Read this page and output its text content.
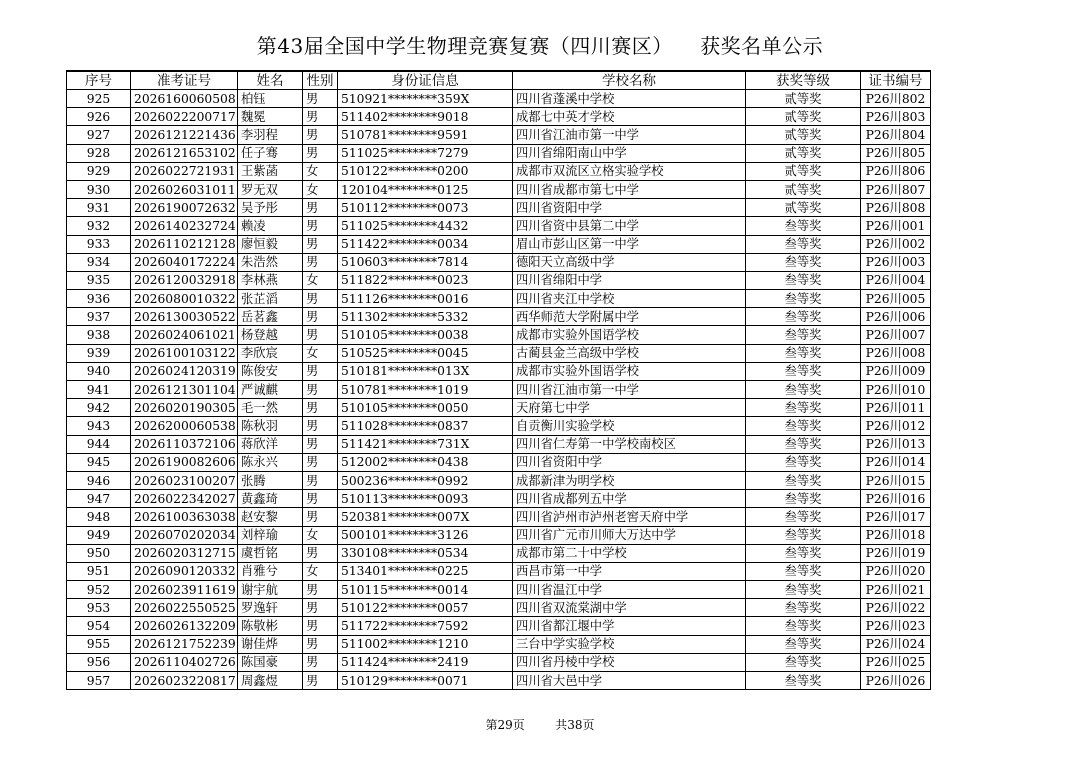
第43届全国中学生物理竞赛复赛（四川赛区）    获奖名单公示
序号	准考证号	姓名	性别	身份证信息	学校名称	获奖等级	证书编号
925	2026160060508	柏钰	男	510921********359X	四川省蓬溪中学校	贰等奖	P26川802
926	2026022200717	魏冕	男	511402********9018	成都七中英才学校	贰等奖	P26川803
927	2026121221436	李羽程	男	510781********9591	四川省江油市第一中学	贰等奖	P26川804
928	2026121653102	任子骞	男	511025********7279	四川省绵阳南山中学	贰等奖	P26川805
929	2026022721931	王紫菡	女	510122********0200	成都市双流区立格实验学校	贰等奖	P26川806
930	2026026031011	罗无双	女	120104********0125	四川省成都市第七中学	贰等奖	P26川807
931	2026190072632	吴予彤	男	510112********0073	四川省资阳中学	贰等奖	P26川808
932	2026140232724	赖凌	男	511025********4432	四川省资中县第二中学	叁等奖	P26川001
933	2026110212128	廖恒毅	男	511422********0034	眉山市彭山区第一中学	叁等奖	P26川002
934	2026040172224	朱浩然	男	510603********7814	德阳天立高级中学	叁等奖	P26川003
935	2026120032918	李林燕	女	511822********0023	四川省绵阳中学	叁等奖	P26川004
936	2026080010322	张芷滔	男	511126********0016	四川省夹江中学校	叁等奖	P26川005
937	2026130030522	岳茗鑫	男	511302********5332	西华师范大学附属中学	叁等奖	P26川006
938	2026024061021	杨登越	男	510105********0038	成都市实验外国语学校	叁等奖	P26川007
939	2026100103122	李欣宸	女	510525********0045	古蔺县金兰高级中学校	叁等奖	P26川008
940	2026024120319	陈俊安	男	510181********013X	成都市实验外国语学校	叁等奖	P26川009
941	2026121301104	严诚麒	男	510781********1019	四川省江油市第一中学	叁等奖	P26川010
942	2026020190305	毛一然	男	510105********0050	天府第七中学	叁等奖	P26川011
943	2026200060538	陈秋羽	男	511028********0837	自贡衡川实验学校	叁等奖	P26川012
944	2026110372106	蒋欣洋	男	511421********731X	四川省仁寿第一中学校南校区	叁等奖	P26川013
945	2026190082606	陈永兴	男	512002********0438	四川省资阳中学	叁等奖	P26川014
946	2026023100207	张腾	男	500236********0992	成都新津为明学校	叁等奖	P26川015
947	2026022342027	黄鑫琦	男	510113********0093	四川省成都列五中学	叁等奖	P26川016
948	2026100363038	赵安黎	男	520381********007X	四川省泸州市泸州老窖天府中学	叁等奖	P26川017
949	2026070202034	刘梓瑜	女	500101********3126	四川省广元市川师大万达中学	叁等奖	P26川018
950	2026020312715	虞哲铭	男	330108********0534	成都市第二十中学校	叁等奖	P26川019
951	2026090120332	肖雅兮	女	513401********0225	西昌市第一中学	叁等奖	P26川020
952	2026023911619	谢宇航	男	510115********0014	四川省温江中学	叁等奖	P26川021
953	2026022550525	罗逸轩	男	510122********0057	四川省双流棠湖中学	叁等奖	P26川022
954	2026026132209	陈敬彬	男	511722********7592	四川省都江堰中学	叁等奖	P26川023
955	2026121752239	谢佳烨	男	511002********1210	三台中学实验学校	叁等奖	P26川024
956	2026110402726	陈国豪	男	511424********2419	四川省丹棱中学校	叁等奖	P26川025
957	2026023220817	周鑫煜	男	510129********0071	四川省大邑中学	叁等奖	P26川026
第29页	共38页
